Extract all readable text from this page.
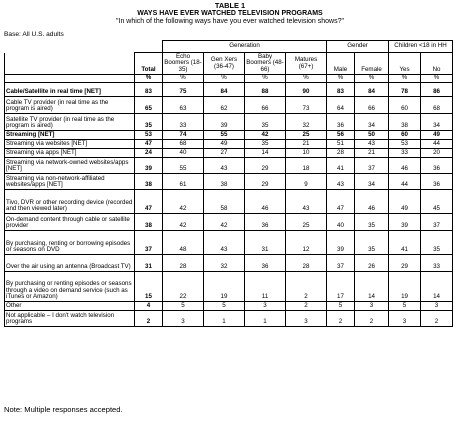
TABLE 1
WAYS HAVE EVER WATCHED TELEVISION PROGRAMS
"In which of the following ways have you ever watched television shows?"
Base: All U.S. adults
		Generation				Gender		Children <18 in HH	
	Total	Echo Boomers (18-35)	Gen Xers (36-47)	Baby Boomers (48-66)	Matures (67+)	Male	Female	Yes	No
	%	%	%	%	%	%	%	%	%
Cable/Satellite in real time [NET]	83	75	84	88	90	83	84	78	86
Cable TV provider (in real time as the program is aired)	65	63	62	66	73	64	66	60	68
Satellite TV provider (in real time as the program is aired)	35	33	39	35	32	36	34	38	34
Streaming [NET]	53	74	55	42	25	56	50	60	49
Streaming via websites [NET]	47	68	49	35	21	51	43	53	44
Streaming via apps [NET]	24	40	27	14	10	28	21	33	20
Streaming via network-owned websites/apps [NET]	39	55	43	29	18	41	37	46	36
Streaming via non-network-affiliated websites/apps [NET]	38	61	38	29	9	43	34	44	36
Tivo, DVR or other recording device (recorded and then viewed later)	47	42	58	46	43	47	46	49	45
On-demand content through cable or satellite provider	38	42	42	36	25	40	35	39	37
By purchasing, renting or borrowing episodes or seasons on DVD	37	48	43	31	12	39	35	41	35
Over the air using an antenna (Broadcast TV)	31	28	32	36	28	37	26	29	33
By purchasing or renting episodes or seasons through a video on demand service (such as iTunes or Amazon)	15	22	19	11	2	17	14	19	14
Other	4	5	5	3	2	5	3	5	3
Not applicable – I don't watch television programs	2	3	1	1	3	2	2	3	2
Note: Multiple responses accepted.
